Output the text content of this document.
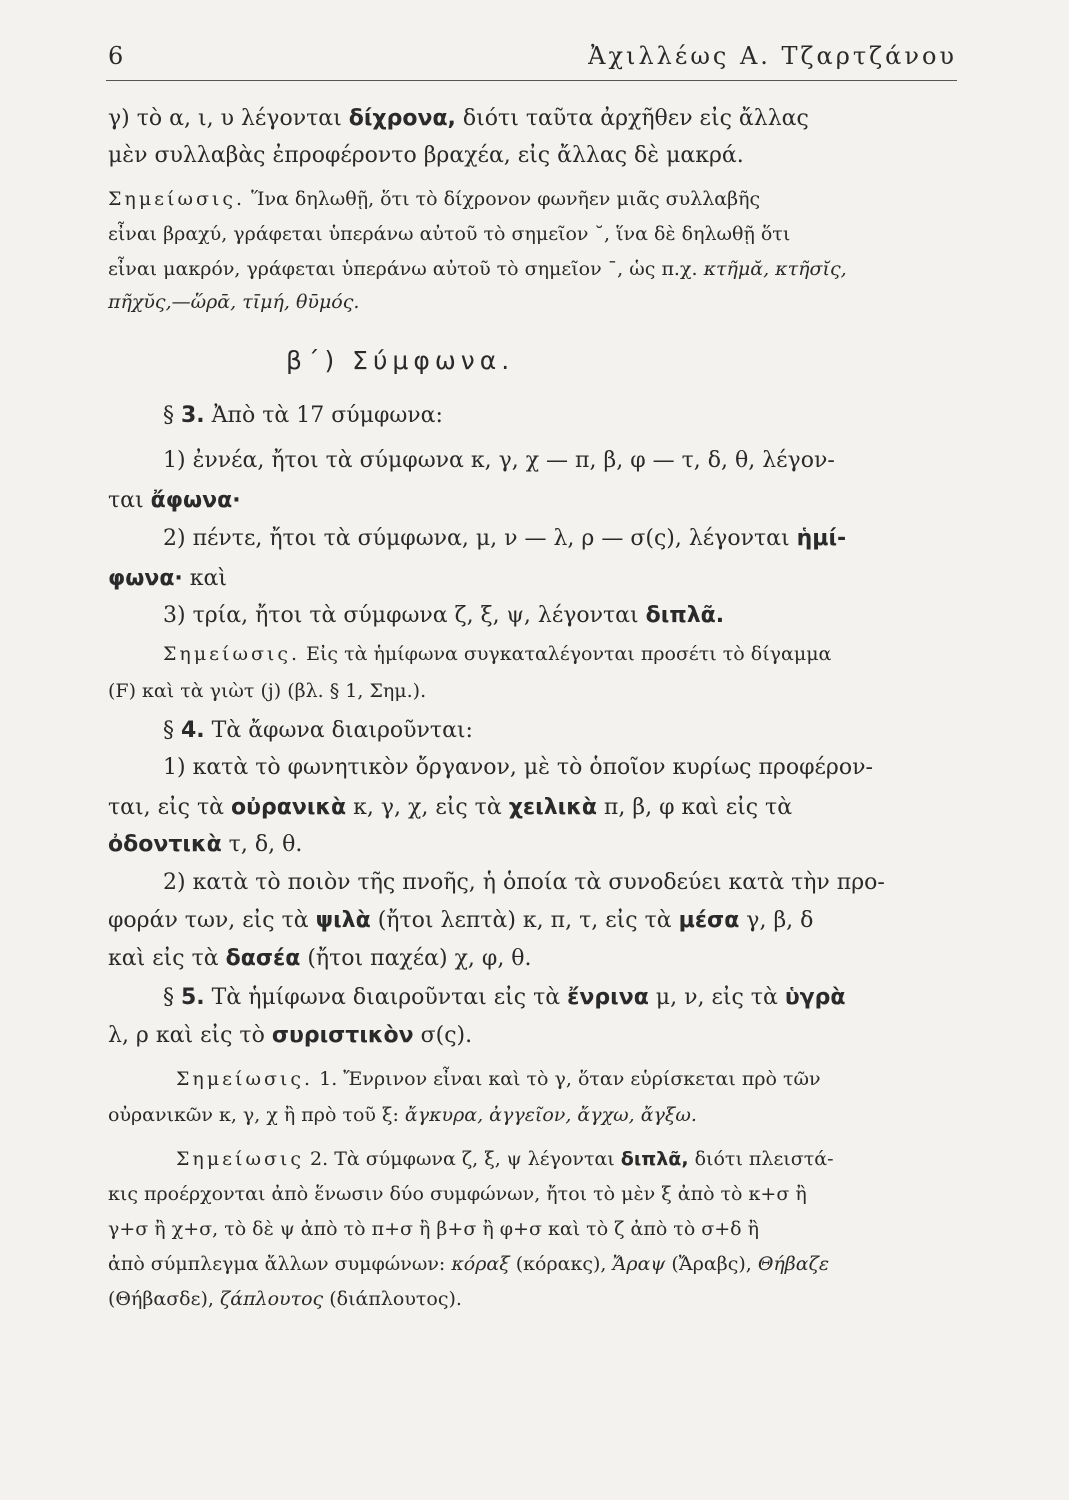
6	Ἀχιλλέως Α. Τζαρτζάνου
γ) τὸ α, ι, υ λέγονται δίχρονα, διότι ταῦτα ἀρχῆθεν εἰς ἄλλας
μὲν συλλαβὰς ἐπροφέροντο βραχέα, εἰς ἄλλας δὲ μακρά.
Σημείωσις. Ἵνα δηλωθῇ, ὅτι τὸ δίχρονον φωνῆεν μιᾶς συλλαβῆς
εἶναι βραχύ, γράφεται ὑπεράνω αὐτοῦ τὸ σημεῖον ˘, ἵνα δὲ δηλωθῇ ὅτι
εἶναι μακρόν, γράφεται ὑπεράνω αὐτοῦ τὸ σημεῖον ¯, ὡς π.χ. κτῆμᾰ, κτῆσῐς,
πῆχῠς,—ὥρᾱ, τῑμή, θῡμός.
β΄) Σύμφωνα.
§ 3. Ἀπὸ τὰ 17 σύμφωνα:
1) ἐννέα, ἤτοι τὰ σύμφωνα κ, γ, χ — π, β, φ — τ, δ, θ, λέγον-
ται ἄφωνα·
2) πέντε, ἤτοι τὰ σύμφωνα, μ, ν — λ, ρ — σ(ς), λέγονται ἡμί-
φωνα· καὶ
3) τρία, ἤτοι τὰ σύμφωνα ζ, ξ, ψ, λέγονται διπλᾶ.
Σημείωσις. Εἰς τὰ ἡμίφωνα συγκαταλέγονται προσέτι τὸ δίγαμμα
(F) καὶ τὰ γιὼτ (j) (βλ. § 1, Σημ.).
§ 4. Τὰ ἄφωνα διαιροῦνται:
1) κατὰ τὸ φωνητικὸν ὄργανον, μὲ τὸ ὁποῖον κυρίως προφέρον-
ται, εἰς τὰ οὐρανικὰ κ, γ, χ, εἰς τὰ χειλικὰ π, β, φ καὶ εἰς τὰ
ὀδοντικὰ τ, δ, θ.
2) κατὰ τὸ ποιὸν τῆς πνοῆς, ἡ ὁποία τὰ συνοδεύει κατὰ τὴν προ-
φοράν των, εἰς τὰ ψιλὰ (ἤτοι λεπτὰ) κ, π, τ, εἰς τὰ μέσα γ, β, δ
καὶ εἰς τὰ δασέα (ἤτοι παχέα) χ, φ, θ.
§ 5. Τὰ ἡμίφωνα διαιροῦνται εἰς τὰ ἔνρινα μ, ν, εἰς τὰ ὑγρὰ
λ, ρ καὶ εἰς τὸ συριστικὸν σ(ς).
Σημείωσις. 1. Ἔνρινον εἶναι καὶ τὸ γ, ὅταν εὑρίσκεται πρὸ τῶν
οὐρανικῶν κ, γ, χ ἢ πρὸ τοῦ ξ: ἄγκυρα, ἀγγεῖον, ἄγχω, ἄγξω.
Σημείωσις 2. Τὰ σύμφωνα ζ, ξ, ψ λέγονται διπλᾶ, διότι πλειστά-
κις προέρχονται ἀπὸ ἕνωσιν δύο συμφώνων, ἤτοι τὸ μὲν ξ ἀπὸ τὸ κ+σ ἢ
γ+σ ἢ χ+σ, τὸ δὲ ψ ἀπὸ τὸ π+σ ἢ β+σ ἢ φ+σ καὶ τὸ ζ ἀπὸ τὸ σ+δ ἢ
ἀπὸ σύμπλεγμα ἄλλων συμφώνων: κόραξ (κόρακς), Ἄραψ (Ἄραβς), Θήβαζε
(Θήβασδε), ζάπλουτος (διάπλουτος).
